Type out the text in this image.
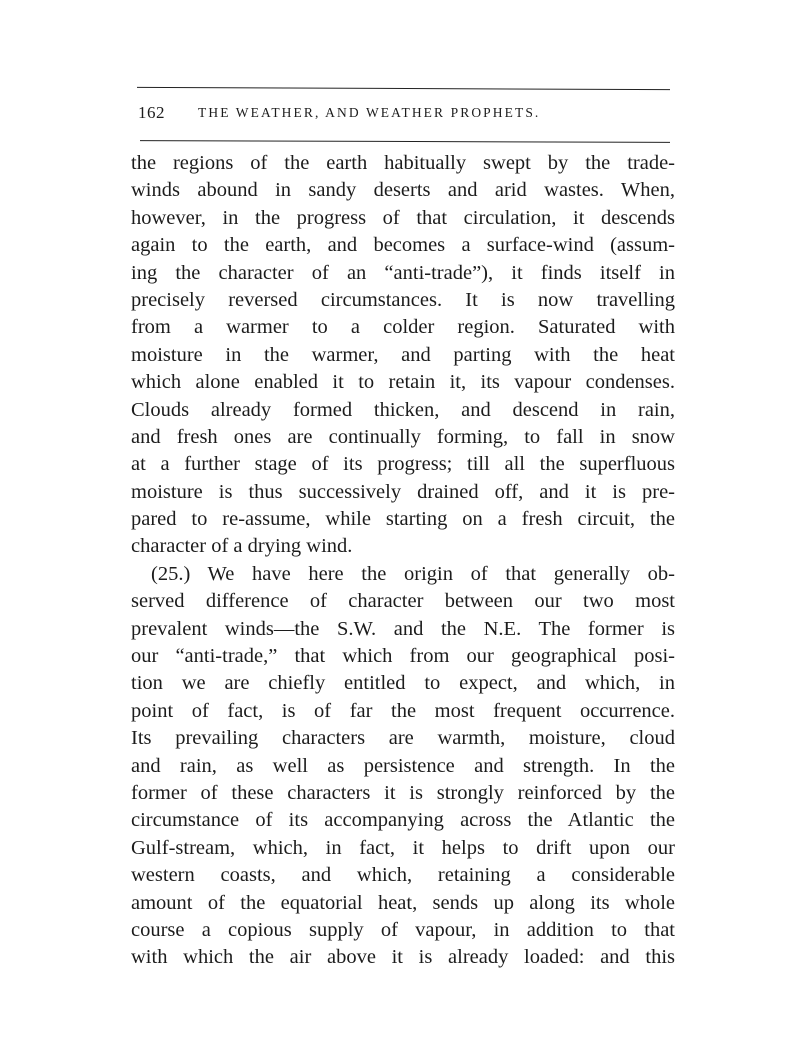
162 THE WEATHER, AND WEATHER PROPHETS.
the regions of the earth habitually swept by the trade-
winds abound in sandy deserts and arid wastes. When,
however, in the progress of that circulation, it descends
again to the earth, and becomes a surface-wind (assum-
ing the character of an “anti-trade”), it finds itself in
precisely reversed circumstances. It is now travelling
from a warmer to a colder region. Saturated with
moisture in the warmer, and parting with the heat
which alone enabled it to retain it, its vapour condenses.
Clouds already formed thicken, and descend in rain,
and fresh ones are continually forming, to fall in snow
at a further stage of its progress; till all the superfluous
moisture is thus successively drained off, and it is pre-
pared to re-assume, while starting on a fresh circuit, the
character of a drying wind.
(25.) We have here the origin of that generally ob-
served difference of character between our two most
prevalent winds—the S.W. and the N.E. The former is
our “anti-trade,” that which from our geographical posi-
tion we are chiefly entitled to expect, and which, in
point of fact, is of far the most frequent occurrence.
Its prevailing characters are warmth, moisture, cloud
and rain, as well as persistence and strength. In the
former of these characters it is strongly reinforced by the
circumstance of its accompanying across the Atlantic the
Gulf-stream, which, in fact, it helps to drift upon our
western coasts, and which, retaining a considerable
amount of the equatorial heat, sends up along its whole
course a copious supply of vapour, in addition to that
with which the air above it is already loaded: and this
